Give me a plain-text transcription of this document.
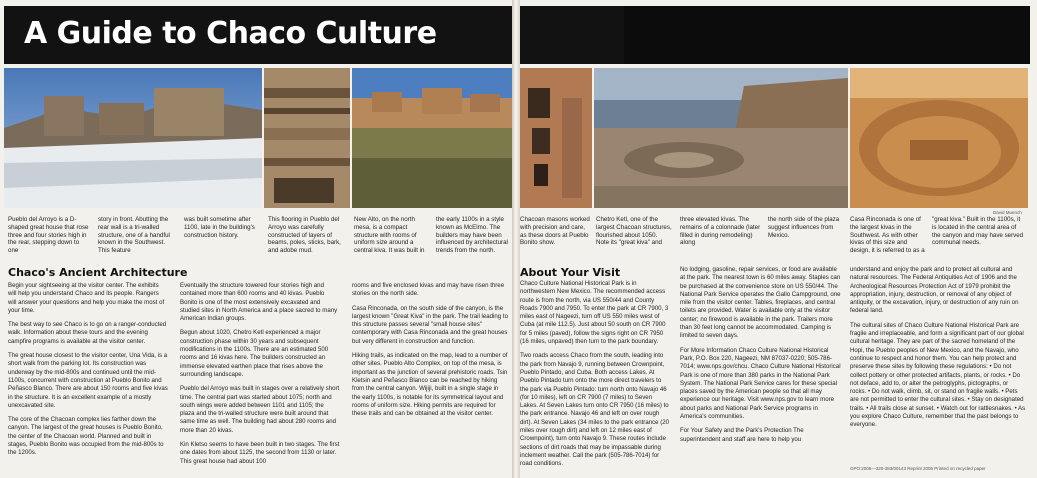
A Guide to Chaco Culture
David Muench
Pueblo del Arroyo is a D-shaped great house that rose three and four stories high in the rear, stepping down to one
story in front. Abutting the rear wall is a tri-walled structure, one of a handful known in the Southwest. This feature
was built sometime after 1100, late in the building's construction history.
This flooring in Pueblo del Arroyo was carefully constructed of layers of beams, poles, sticks, bark, and adobe mud.
New Alto, on the north mesa, is a compact structure with rooms of uniform size around a central kiva. It was built in
the early 1100s in a style known as McElmo. The builders may have been influenced by architectural trends from the north.
Chacoan masons worked with precision and care, as these doors at Pueblo Bonito show.
Chetro Ketl, one of the largest Chacoan structures, flourished about 1050. Note its "great kiva" and
three elevated kivas. The remains of a colonnade (later filled in during remodeling) along
the north side of the plaza suggest influences from Mexico.
Casa Rinconada is one of the largest kivas in the Southwest. As with other kivas of this size and design, it is referred to as a
"great kiva." Built in the 1100s, it is located in the central area of the canyon and may have served communal needs.
Chaco's Ancient Architecture

Begin your sightseeing at the visitor center. The exhibits will help you understand Chaco and its people. Rangers will answer your questions and help you make the most of your time.

The best way to see Chaco is to go on a ranger-conducted walk. Information about these tours and the evening campfire programs is available at the visitor center.

The great house closest to the visitor center, Una Vida, is a short walk from the parking lot. Its construction was underway by the mid-800s and continued until the mid-1100s, concurrent with construction at Pueblo Bonito and Peñasco Blanco. There are about 150 rooms and five kivas in the structure. It is an excellent example of a mostly unexcavated site.

The core of the Chacoan complex lies farther down the canyon. The largest of the great houses is Pueblo Bonito, the center of the Chacoan world. Planned and built in stages, Pueblo Bonito was occupied from the mid-800s to the 1200s.

Eventually the structure towered four stories high and contained more than 600 rooms and 40 kivas. Pueblo Bonito is one of the most extensively excavated and studied sites in North America and a place sacred to many American Indian groups.

Begun about 1020, Chetro Ketl experienced a major construction phase within 30 years and subsequent modifications in the 1100s. There are an estimated 500 rooms and 16 kivas here. The builders constructed an immense elevated earthen place that rises above the surrounding landscape.

Pueblo del Arroyo was built in stages over a relatively short time. The central part was started about 1075; north and south wings were added between 1101 and 1105; the plaza and the tri-walled structure were built around that same time as well. The building had about 280 rooms and more than 20 kivas.

Kin Kletso seems to have been built in two stages. The first one dates from about 1125, the second from 1130 or later. This great house had about 100

rooms and five enclosed kivas and may have risen three stories on the north side.

Casa Rinconada, on the south side of the canyon, is the largest known "Great Kiva" in the park. The trail leading to this structure passes several "small house sites" contemporary with Casa Rinconada and the great houses but very different in construction and function.

Hiking trails, as indicated on the map, lead to a number of other sites. Pueblo Alto Complex, on top of the mesa, is important as the junction of several prehistoric roads. Tsin Kletsin and Peñasco Blanco can be reached by hiking from the central canyon. Wijiji, built in a single stage in the early 1100s, is notable for its symmetrical layout and rooms of uniform size. Hiking permits are required for these trails and can be obtained at the visitor center.

About Your Visit

Chaco Culture National Historical Park is in northwestern New Mexico. The recommended access route is from the north, via US 550/44 and County Roads 7900 and 7950. To enter the park at CR 7900, 3 miles east of Nageezi, turn off US 550 miles west of Cuba (at mile 112.5). Just about 50 south on CR 7900 for 5 miles (paved), follow the signs right on CR 7950 (16 miles, unpaved) then turn to the park boundary.

Two roads access Chaco from the south, leading into the park from Navajo 9, running between Crownpoint, Pueblo Pintado, and Cuba. Both access Lakes. At Pueblo Pintado turn onto the more direct travelers to the park via Pueblo Pintado: turn north onto Navajo 46 (for 10 miles), left on CR 7900 (7 miles) to Seven Lakes. At Seven Lakes turn onto CR 7950 (16 miles) to the park entrance. Navajo 46 and left on over rough dirt). At Seven Lakes (34 miles to the park entrance (20 miles over rough dirt) and left on 12 miles east of Crownpoint), turn onto Navajo 9. These routes include sections of dirt roads that may be impassable during inclement weather. Call the park (505-786-7014) for road conditions.

No lodging, gasoline, repair services, or food are available at the park. The nearest town is 60 miles away. Staples can be purchased at the convenience store on US 550/44. The National Park Service operates the Gallo Campground, one mile from the visitor center. Tables, fireplaces, and central toilets are provided. Water is available only at the visitor center; no firewood is available in the park. Trailers more than 30 feet long cannot be accommodated. Camping is limited to seven days.

For More Information Chaco Culture National Historical Park, P.O. Box 220, Nageezi, NM 87037-0220; 505-786-7014; www.nps.gov/chcu. Chaco Culture National Historical Park is one of more than 380 parks in the National Park System. The National Park Service cares for these special places saved by the American people so that all may experience our heritage. Visit www.nps.gov to learn more about parks and National Park Service programs in America's communities.

For Your Safety and the Park's Protection The superintendent and staff are here to help you

understand and enjoy the park and to protect all cultural and natural resources. The Federal Antiquities Act of 1906 and the Archeological Resources Protection Act of 1979 prohibit the appropriation, injury, destruction, or removal of any object of antiquity, or the excavation, injury, or destruction of any ruin on federal land.

The cultural sites of Chaco Culture National Historical Park are fragile and irreplaceable, and form a significant part of our global cultural heritage. They are part of the sacred homeland of the Hopi, the Pueblo peoples of New Mexico, and the Navajo, who continue to respect and honor them. You can help protect and preserve these sites by following these regulations: • Do not collect pottery or other protected artifacts, plants, or rocks. • Do not deface, add to, or alter the petroglyphs, pictographs, or rocks. • Do not walk, climb, sit, or stand on fragile walls. • Pets are not permitted to enter the cultural sites. • Stay on designated trails. • All trails close at sunset. • Watch out for rattlesnakes. • As you explore Chaco Culture, remember that the past belongs to everyone.

GPO:2006—320-383/00143 Reprint 2006 Printed on recycled paper
